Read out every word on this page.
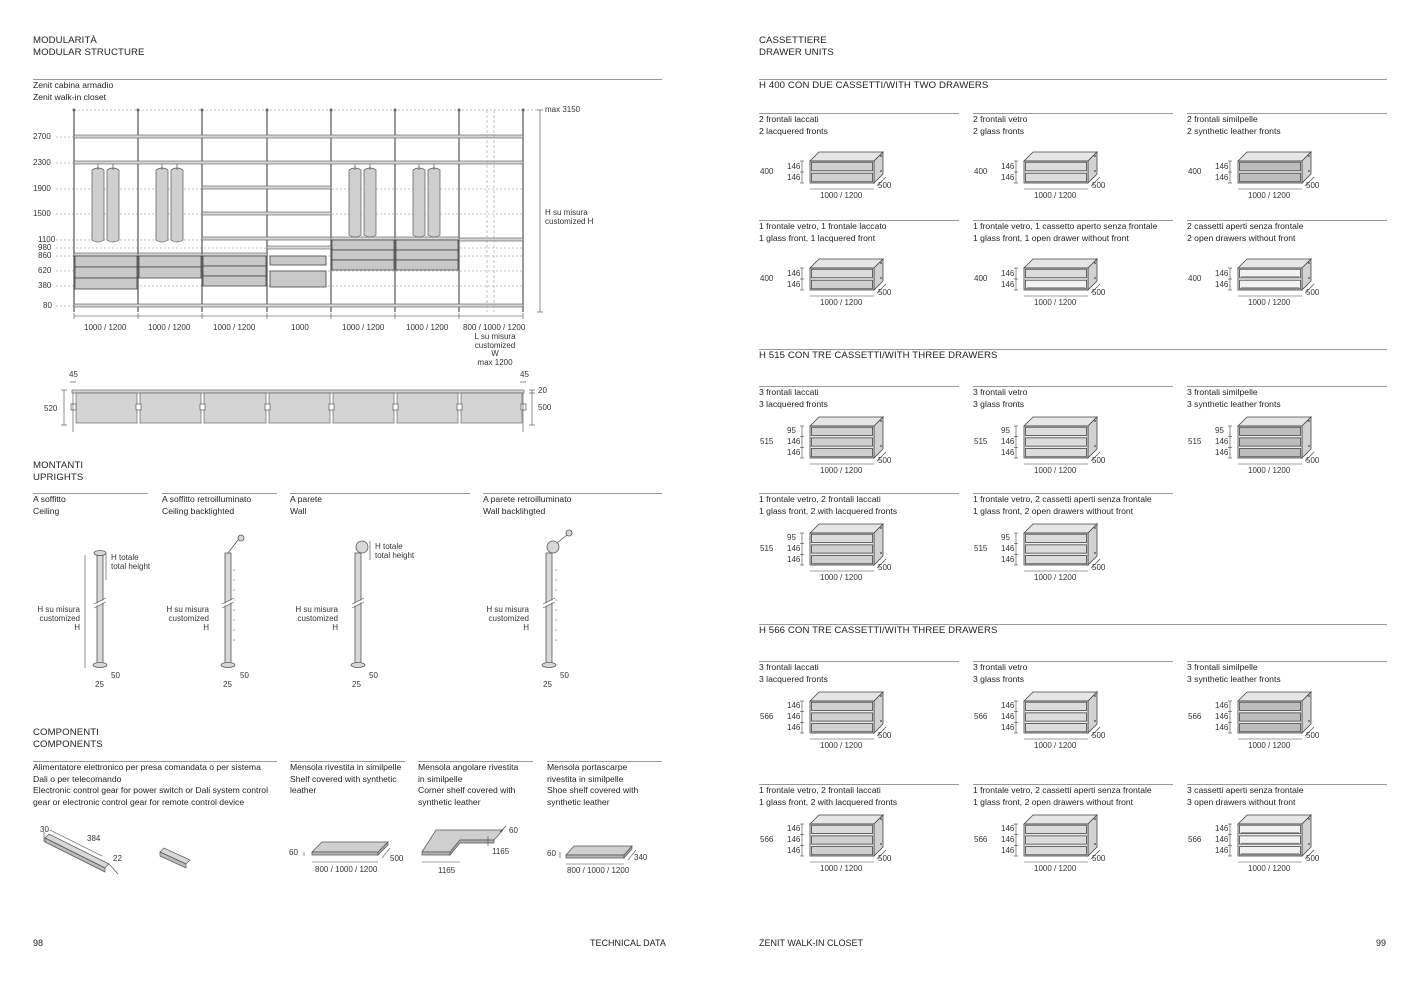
MODULARITÀ
MODULAR STRUCTURE
Zenit cabina armadio
Zenit walk-in closet
2700
2300
1900
1500
1100
980
860
620
380
80
max 3150
H su misura
customized H
1000 / 1200	1000 / 1200	1000 / 1200	1000	1000 / 1200	1000 / 1200 800 / 1000 / 1200
L su misura
customized W
max 1200
45	45
20
520	500
MONTANTI
UPRIGHTS
A soffitto
Ceiling
A soffitto retroilluminato
Ceiling backlighted
A parete
Wall
A parete retroilluminato
Wall backlihgted
H totale
total height
H totale
total height
H su misura
customized H
H su misura
customized H
H su misura
customized H
H su misura
customized H
25
50
25
50
25
50
25
50
COMPONENTI
COMPONENTS
Alimentatore elettronico per presa comandata o per sistema
Dali o per telecomando
Electronic control gear for power switch or Dali system control
gear or electronic control gear for remote control device
Mensola rivestita in similpelle
Shelf covered with synthetic
leather
Mensola angolare rivestita
in similpelle
Corner shelf covered with
synthetic leather
Mensola portascarpe
rivestita in similpelle
Shoe shelf covered with
synthetic leather
30
384
22
60
500
800 / 1000 / 1200
60
1165
1165
60	340
800 / 1000 / 1200
98	TECHNICAL DATA
CASSETTIERE
DRAWER UNITS
H 400 CON DUE CASSETTI/WITH TWO DRAWERS
2 frontali laccati
2 lacquered fronts
400
146
146
1000 / 1200
500
2 frontali vetro
2 glass fronts
400
146
146
1000 / 1200
500
2 frontali similpelle
2 synthetic leather fronts
400
146
146
1000 / 1200
500
1 frontale vetro, 1 frontale laccato
1 glass front, 1 lacquered front
400
146
146
1000 / 1200
500
1 frontale vetro, 1 cassetto aperto senza frontale
1 glass front, 1 open drawer without front
400
146
146
1000 / 1200
500
2 cassetti aperti senza frontale
2 open drawers without front
400
146
146
1000 / 1200
500
H 515 CON TRE CASSETTI/WITH THREE DRAWERS
3 frontali laccati
3 lacquered fronts
515
95
146
146
1000 / 1200
500
3 frontali vetro
3 glass fronts
515
95
146
146
1000 / 1200
500
3 frontali similpelle
3 synthetic leather fronts
515
95
146
146
1000 / 1200
500
1 frontale vetro, 2 frontali laccati
1 glass front, 2 with lacquered fronts
515
95
146
146
1000 / 1200
500
1 frontale vetro, 2 cassetti aperti senza frontale
1 glass front, 2 open drawers without front
515
95
146
146
1000 / 1200
500
H 566 CON TRE CASSETTI/WITH THREE DRAWERS
3 frontali laccati
3 lacquered fronts
566
146
146
146
1000 / 1200
500
3 frontali vetro
3 glass fronts
566
146
146
146
1000 / 1200
500
3 frontali similpelle
3 synthetic leather fronts
566
146
146
146
1000 / 1200
500
1 frontale vetro, 2 frontali laccati
1 glass front, 2 with lacquered fronts
566
146
146
146
1000 / 1200
500
1 frontale vetro, 2 cassetti aperti senza frontale
1 glass front, 2 open drawers without front
566
146
146
146
1000 / 1200
500
3 cassetti aperti senza frontale
3 open drawers without front
566
146
146
146
1000 / 1200
500
ZENIT WALK-IN CLOSET	99
